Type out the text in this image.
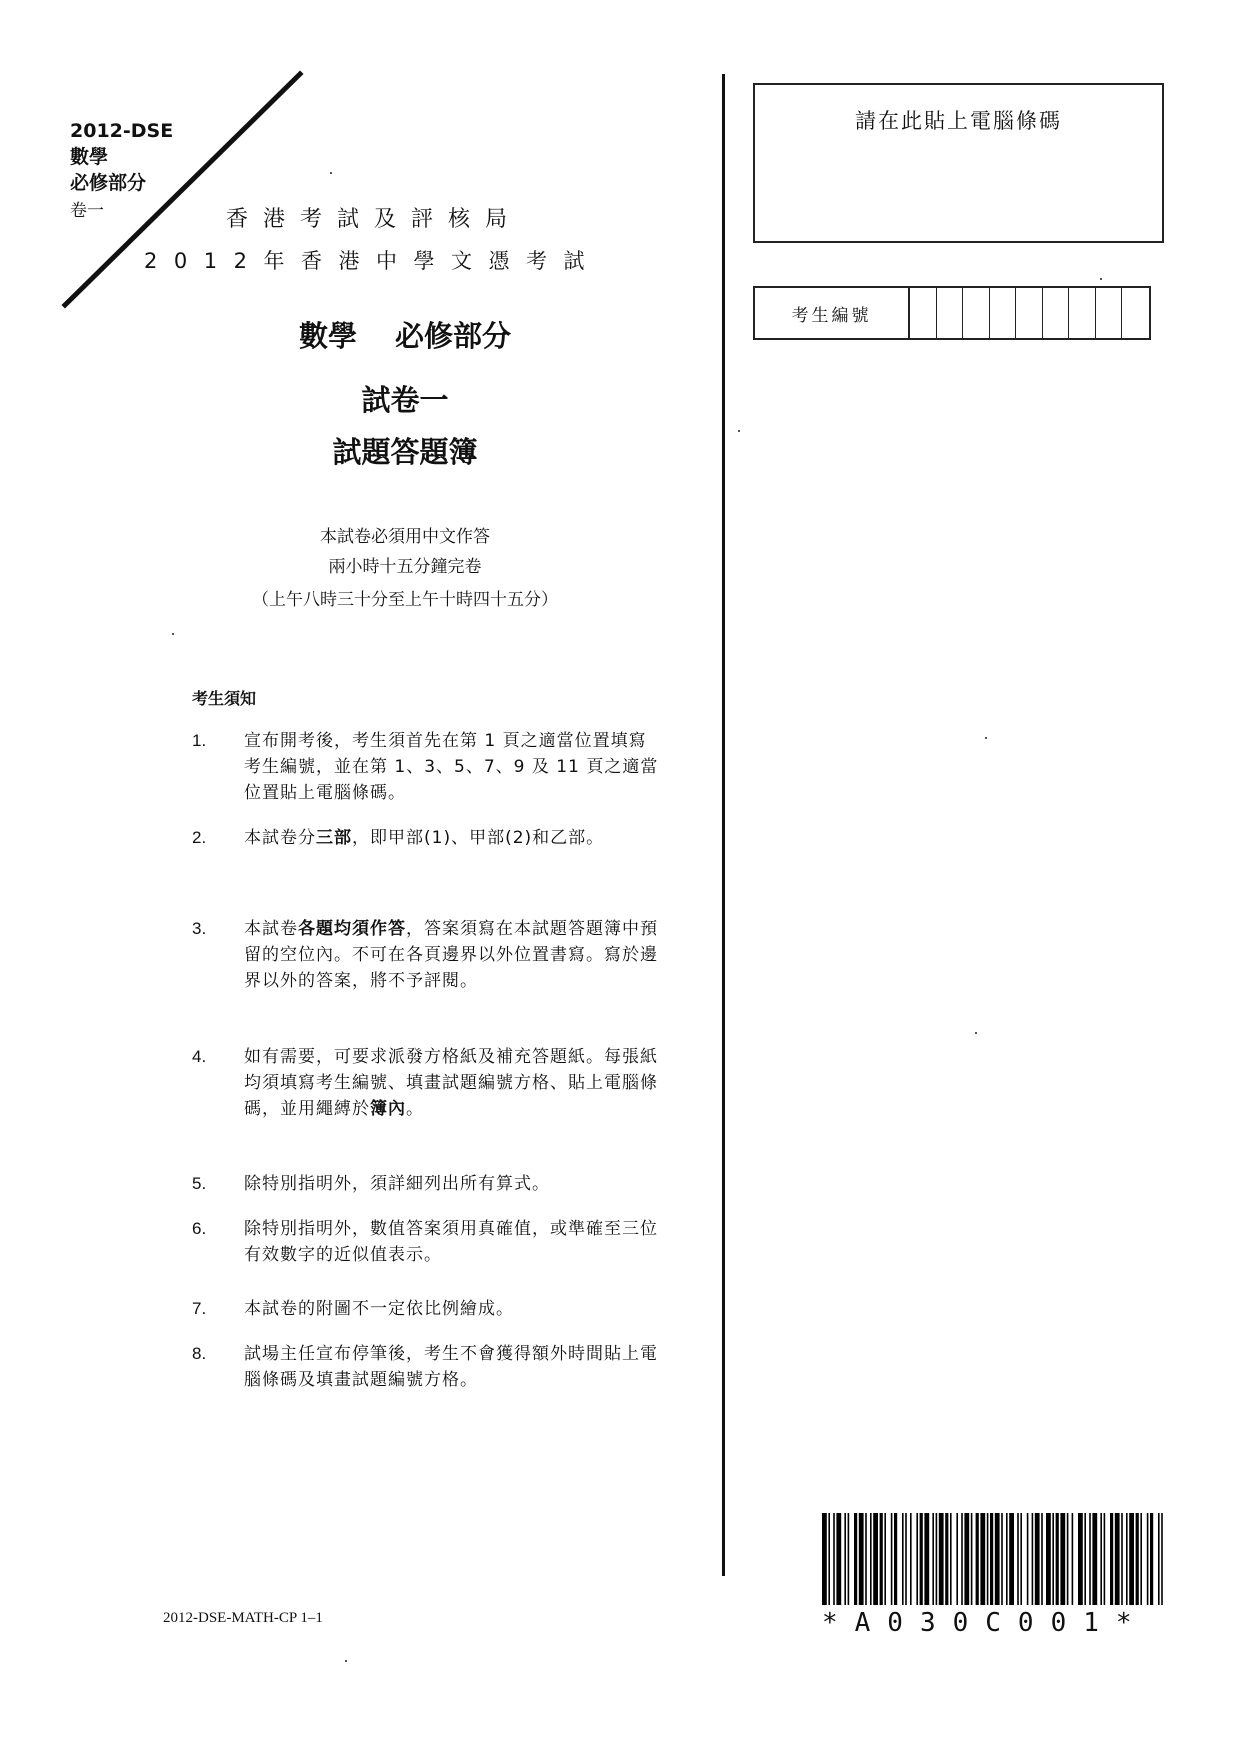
2012-DSE
數學
必修部分
卷一	香港考試及評核局
2012年香港中學文憑考試
數學 必修部分
試卷一
試題答題簿
本試卷必須用中文作答
兩小時十五分鐘完卷
（上午八時三十分至上午十時四十五分）
考生須知
1.	宣布開考後，考生須首先在第 1 頁之適當位置填寫考生編號，並在第 1、3、5、7、9 及 11 頁之適當位置貼上電腦條碼。
2.	本試卷分三部，即甲部(1)、甲部(2)和乙部。
3.	本試卷各題均須作答，答案須寫在本試題答題簿中預留的空位內。不可在各頁邊界以外位置書寫。寫於邊界以外的答案，將不予評閱。
4.	如有需要，可要求派發方格紙及補充答題紙。每張紙均須填寫考生編號、填畫試題編號方格、貼上電腦條碼，並用繩縛於簿內。
5.	除特別指明外，須詳細列出所有算式。
6.	除特別指明外，數值答案須用真確值，或準確至三位有效數字的近似值表示。
7.	本試卷的附圖不一定依比例繪成。
8.	試場主任宣布停筆後，考生不會獲得額外時間貼上電腦條碼及填畫試題編號方格。
2012-DSE-MATH-CP 1–1
請在此貼上電腦條碼
考生編號
*A030C001*
